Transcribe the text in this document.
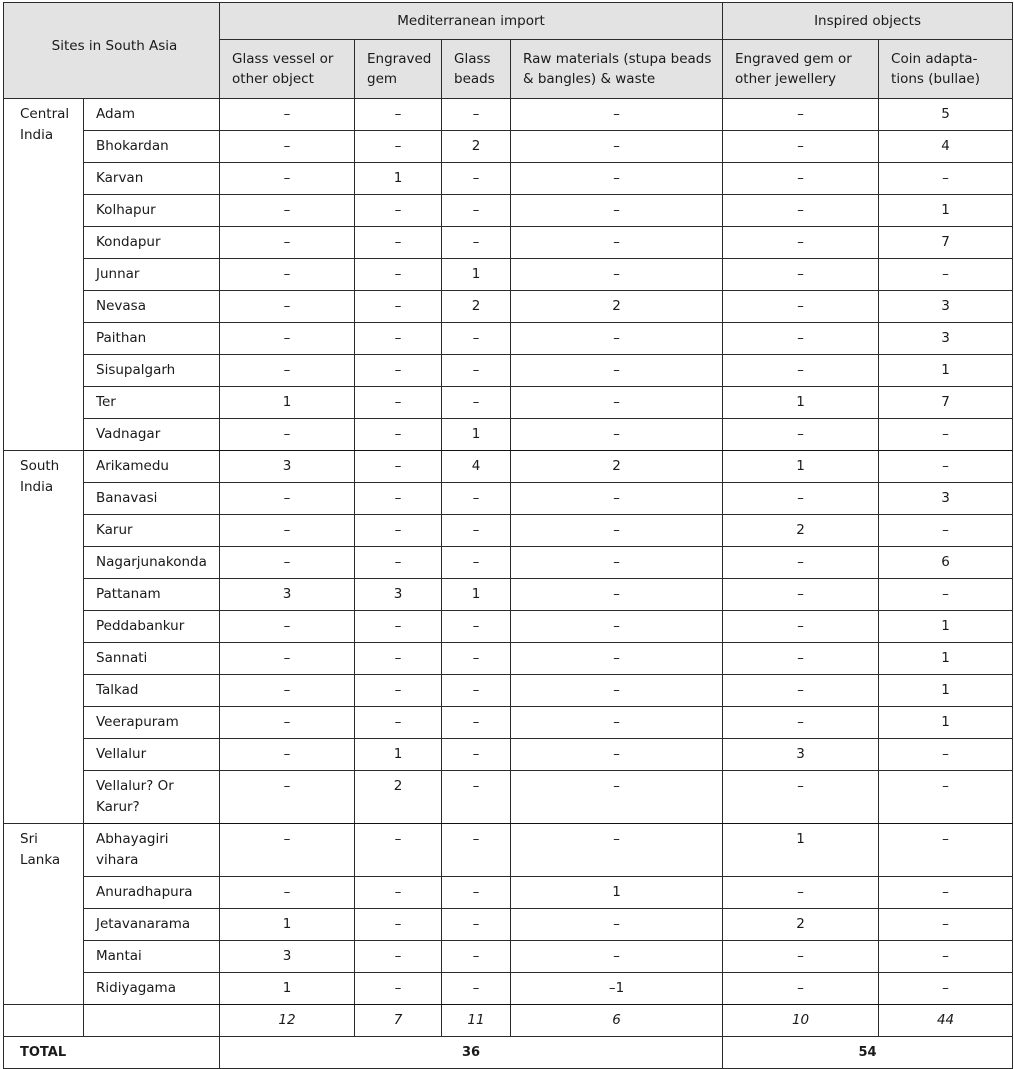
Sites in South Asia		Mediterranean import				Inspired objects	
		Glass vessel or other object	Engraved gem	Glass beads	Raw materials (stupa beads & bangles) & waste	Engraved gem or other jewellery	Coin adapta-tions (bullae)
Central India	Adam	–	–	–	–	–	5
	Bhokardan	–	–	2	–	–	4
	Karvan	–	1	–	–	–	–
	Kolhapur	–	–	–	–	–	1
	Kondapur	–	–	–	–	–	7
	Junnar	–	–	1	–	–	–
	Nevasa	–	–	2	2	–	3
	Paithan	–	–	–	–	–	3
	Sisupalgarh	–	–	–	–	–	1
	Ter	1	–	–	–	1	7
	Vadnagar	–	–	1	–	–	–
South India	Arikamedu	3	–	4	2	1	–
	Banavasi	–	–	–	–	–	3
	Karur	–	–	–	–	2	–
	Nagarjunakonda	–	–	–	–	–	6
	Pattanam	3	3	1	–	–	–
	Peddabankur	–	–	–	–	–	1
	Sannati	–	–	–	–	–	1
	Talkad	–	–	–	–	–	1
	Veerapuram	–	–	–	–	–	1
	Vellalur	–	1	–	–	3	–
	Vellalur? Or Karur?	–	2	–	–	–	–
Sri Lanka	Abhayagiri vihara	–	–	–	–	1	–
	Anuradhapura	–	–	–	1	–	–
	Jetavanarama	1	–	–	–	2	–
	Mantai	3	–	–	–	–	–
	Ridiyagama	1	–	–	–1	–	–
		12	7	11	6	10	44
TOTAL		36				54	
